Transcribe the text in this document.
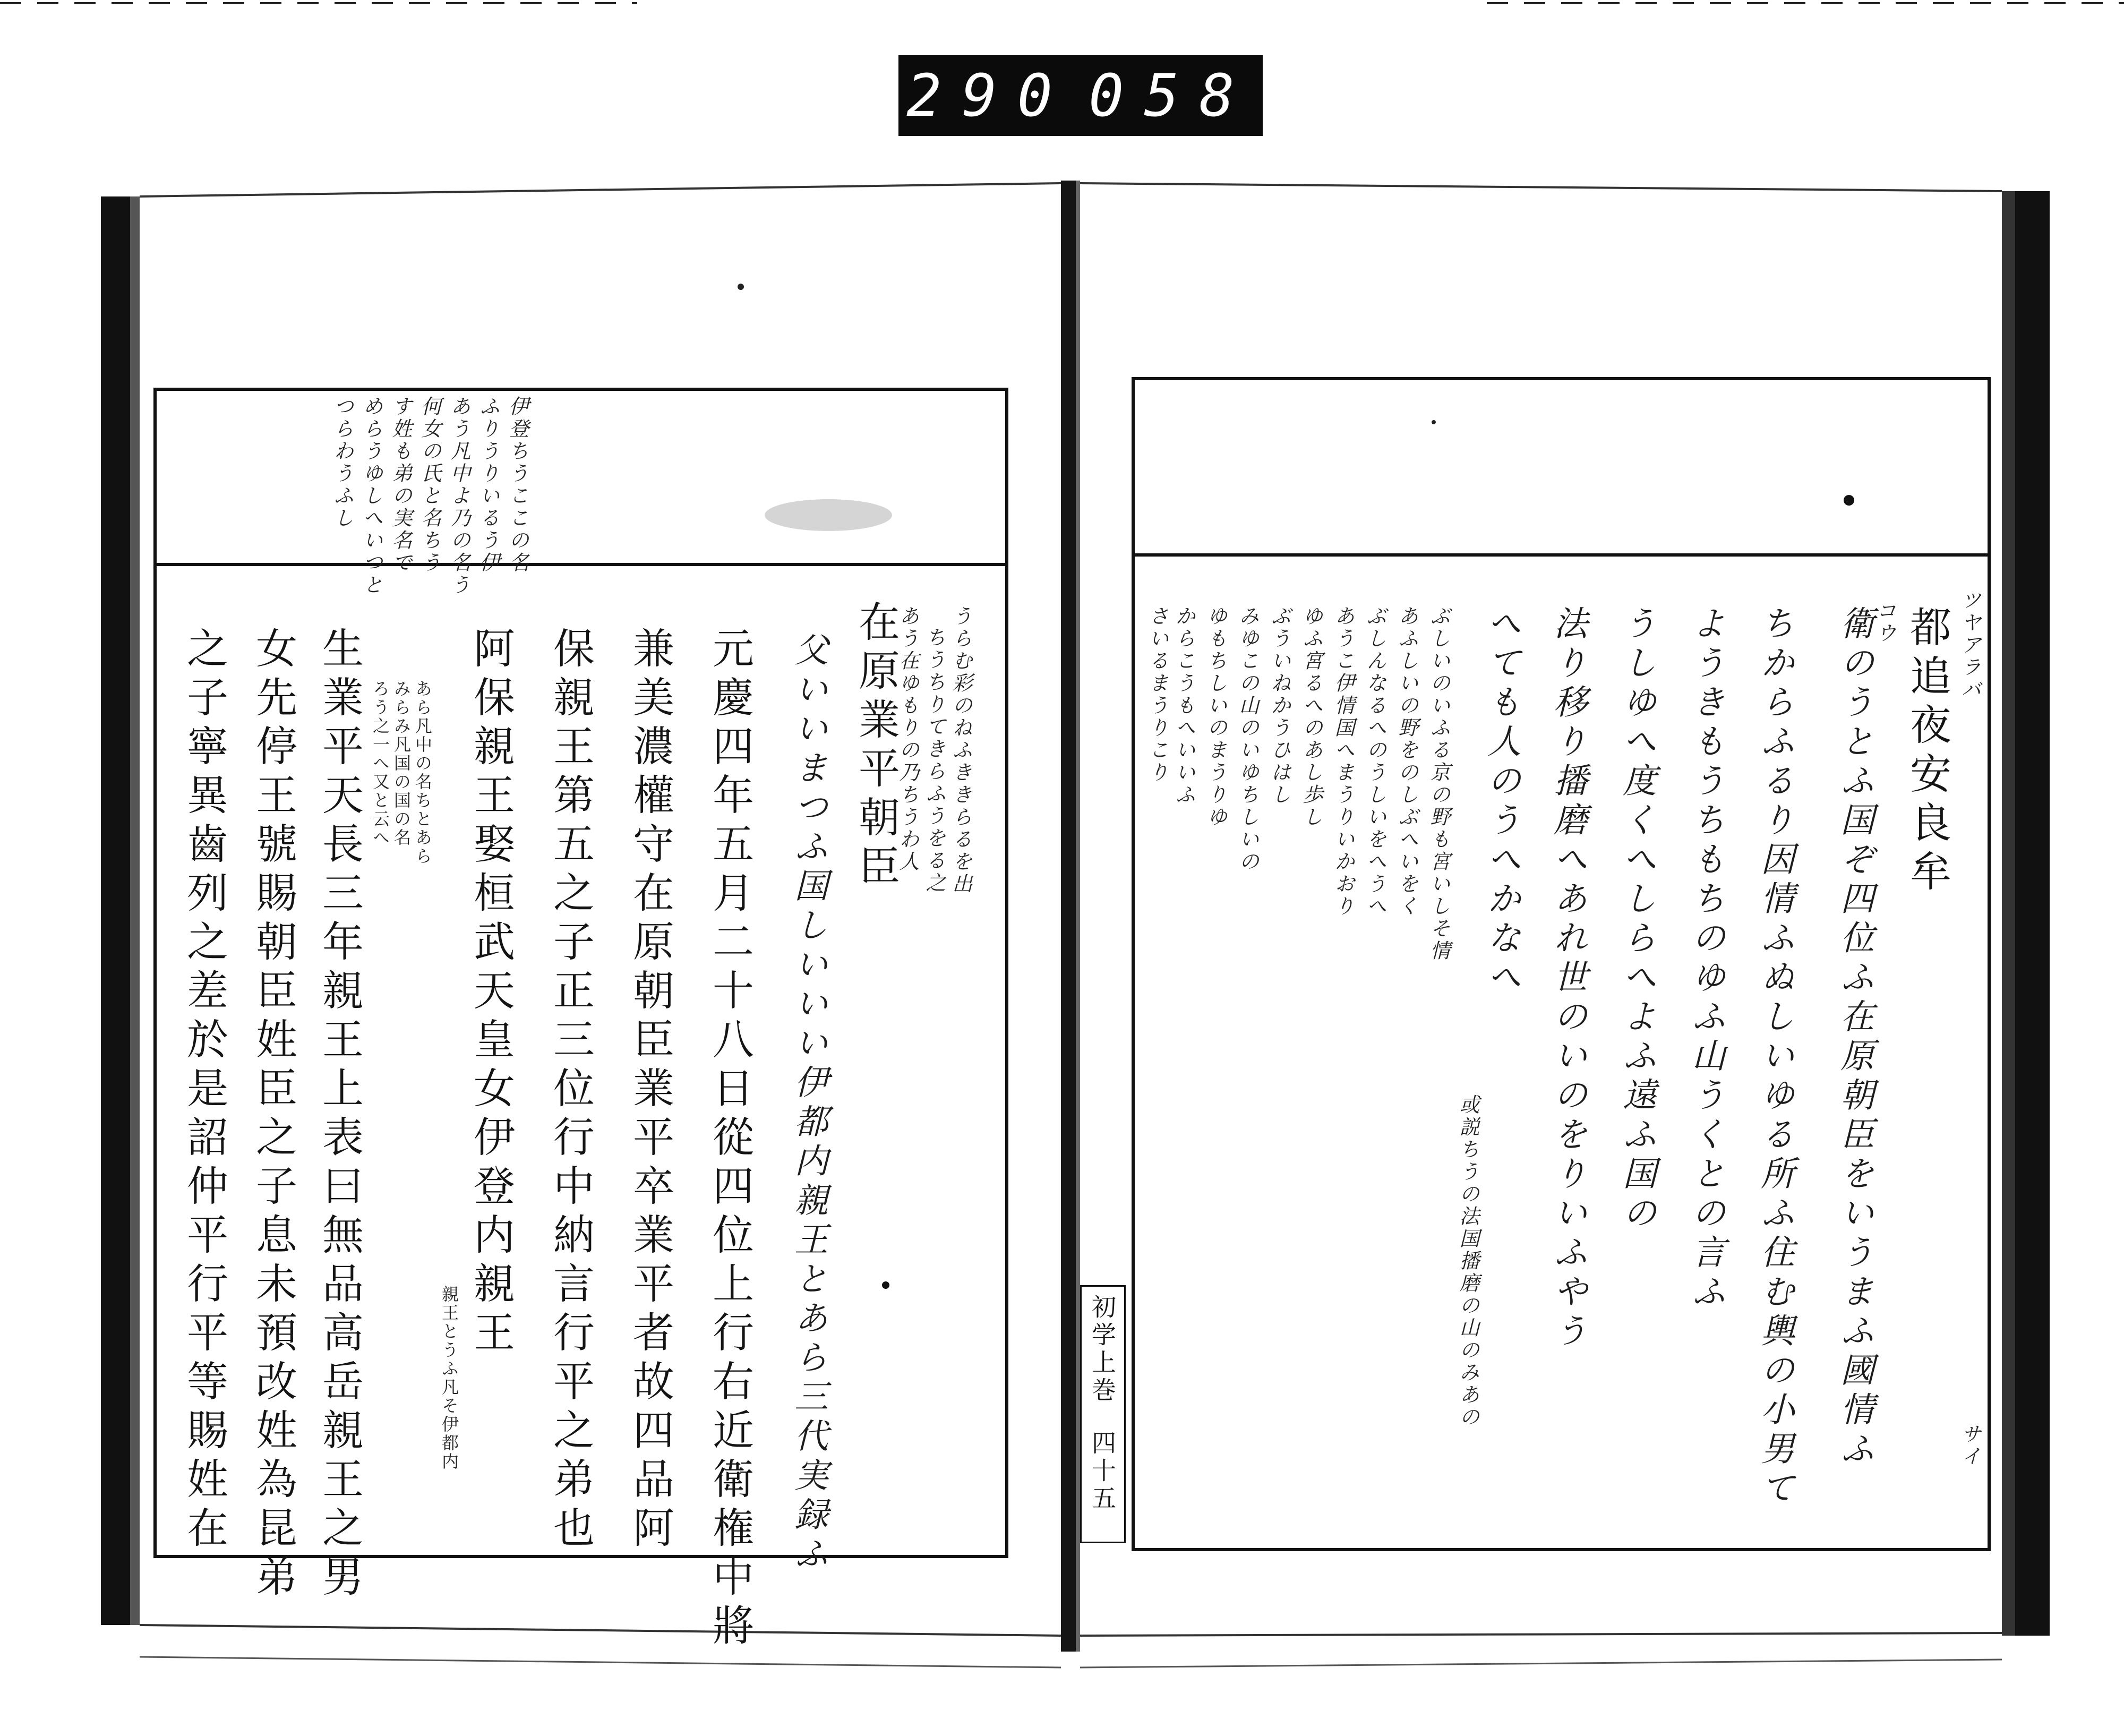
290 058
伊登ちうここの名
ふりうりいるう伊
あう凡中よ乃の名う
何女の氏と名ちう
す姓も弟の実名で
めらうゆしへいつと
つらわうふし
うらむ彩のねふききらるを出
ちうちりてきらふうをる之
あう在ゆもりの乃ちうわ人
在原業平朝臣
父いいまつふ国しいいい伊都内親王とあら三代実録ふ
元慶四年五月二十八日從四位上行右近衛権中將
兼美濃權守在原朝臣業平卒業平者故四品阿
保親王第五之子正三位行中納言行平之弟也
阿保親王娶桓武天皇女伊登内親王
生業平天長三年親王上表曰無品高岳親王之男
女先停王號賜朝臣姓臣之子息未預改姓為昆弟
之子寧異齒列之差於是詔仲平行平等賜姓在	親王とうふ凡そ伊都内
あら凡中の名ちとあら
みらみ凡国の国の名
ろう之一へ又と云へ
ツヤアラバ
サイ
コウ 都追夜安良牟
衛のうとふ国ぞ四位ふ在原朝臣をいうまふ國情ふ
ちからふるり因情ふぬしいゆる所ふ住む輿の小男て
ようきもうちもちのゆふ山うくとの言ふ
うしゆへ度くへしらへよふ遠ふ国の
法り移り播磨へあれ世のいのをりいふやう
へても人のうへかなへ
或説ちうの法国播磨の山のみあの
ぶしいのいふる京の野も宮いしそ情
あふしいの野をのしぶへいをく
ぶしんなるへのうしいをへうへ
あうこ伊情国へまうりいかおり
ゆふ宮るへのあし歩し
ぶういねかうひはし
みゆこの山のいゆちしいの
ゆもちしいのまうりゆ
からこうもへいいふ
さいるまうりこり
初学上巻
四十五
